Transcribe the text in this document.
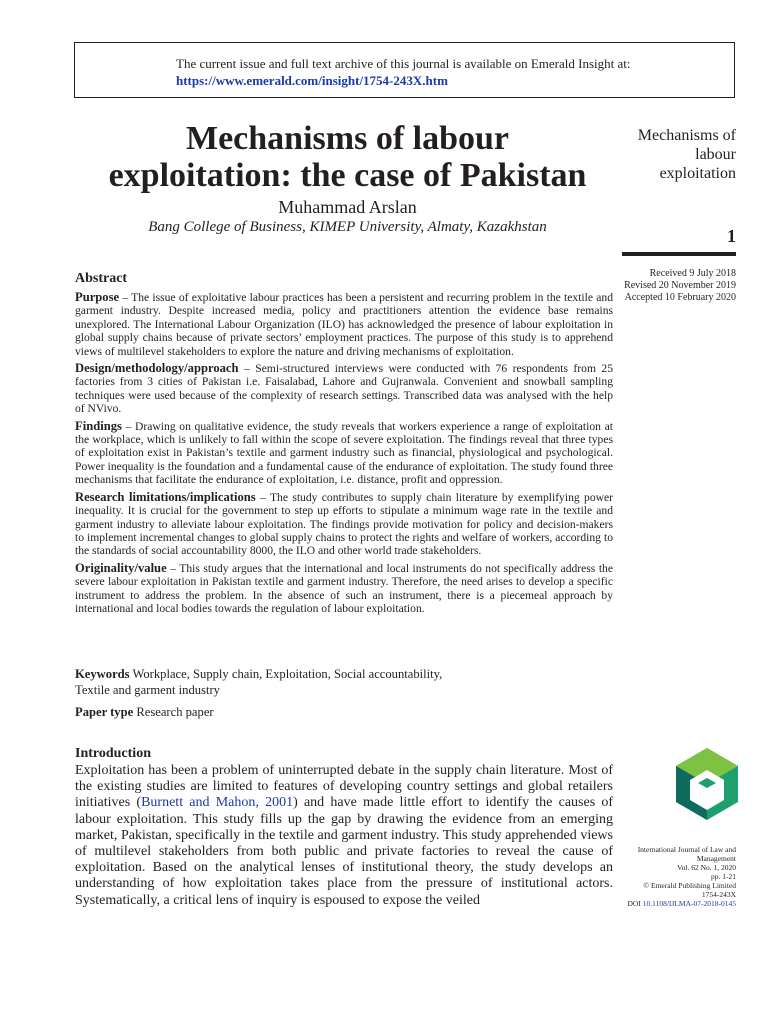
The current issue and full text archive of this journal is available on Emerald Insight at:
https://www.emerald.com/insight/1754-243X.htm
Mechanisms of labour
exploitation: the case of Pakistan
Muhammad Arslan
Bang College of Business, KIMEP University, Almaty, Kazakhstan
Mechanisms of
labour
exploitation
1
Received 9 July 2018
Revised 20 November 2019
Accepted 10 February 2020
Abstract

Purpose – The issue of exploitative labour practices has been a persistent and recurring problem in the textile and garment industry. Despite increased media, policy and practitioners attention the evidence base remains unexplored. The International Labour Organization (ILO) has acknowledged the presence of labour exploitation in global supply chains because of private sectors’ employment practices. The purpose of this study is to apprehend views of multilevel stakeholders to explore the nature and driving mechanisms of exploitation.

Design/methodology/approach – Semi-structured interviews were conducted with 76 respondents from 25 factories from 3 cities of Pakistan i.e. Faisalabad, Lahore and Gujranwala. Convenient and snowball sampling techniques were used because of the complexity of research settings. Transcribed data was analysed with the help of NVivo.

Findings – Drawing on qualitative evidence, the study reveals that workers experience a range of exploitation at the workplace, which is unlikely to fall within the scope of severe exploitation. The findings reveal that three types of exploitation exist in Pakistan’s textile and garment industry such as financial, physiological and psychological. Power inequality is the foundation and a fundamental cause of the endurance of exploitation. The study found three mechanisms that facilitate the endurance of exploitation, i.e. distance, profit and oppression.

Research limitations/implications – The study contributes to supply chain literature by exemplifying power inequality. It is crucial for the government to step up efforts to stipulate a minimum wage rate in the textile and garment industry to alleviate labour exploitation. The findings provide motivation for policy and decision-makers to implement incremental changes to global supply chains to protect the rights and welfare of workers, according to the standards of social accountability 8000, the ILO and other world trade stakeholders.

Originality/value – This study argues that the international and local instruments do not specifically address the severe labour exploitation in Pakistan textile and garment industry. Therefore, the need arises to develop a specific instrument to address the problem. In the absence of such an instrument, there is a piecemeal approach by international and local bodies towards the regulation of labour exploitation.

Keywords Workplace, Supply chain, Exploitation, Social accountability,
Textile and garment industry
Paper type Research paper
Introduction
Exploitation has been a problem of uninterrupted debate in the supply chain literature. Most of the existing studies are limited to features of developing country settings and global retailers initiatives (Burnett and Mahon, 2001) and have made little effort to identify the causes of labour exploitation. This study fills up the gap by drawing the evidence from an emerging market, Pakistan, specifically in the textile and garment industry. This study apprehended views of multilevel stakeholders from both public and private factories to reveal the cause of exploitation. Based on the analytical lenses of institutional theory, the study develops an understanding of how exploitation takes place from the pressure of institutional actors. Systematically, a critical lens of inquiry is espoused to expose the veiled
International Journal of Law and
Management
Vol. 62 No. 1, 2020
pp. 1-21
© Emerald Publishing Limited
1754-243X
DOI 10.1108/IJLMA-07-2018-0145
